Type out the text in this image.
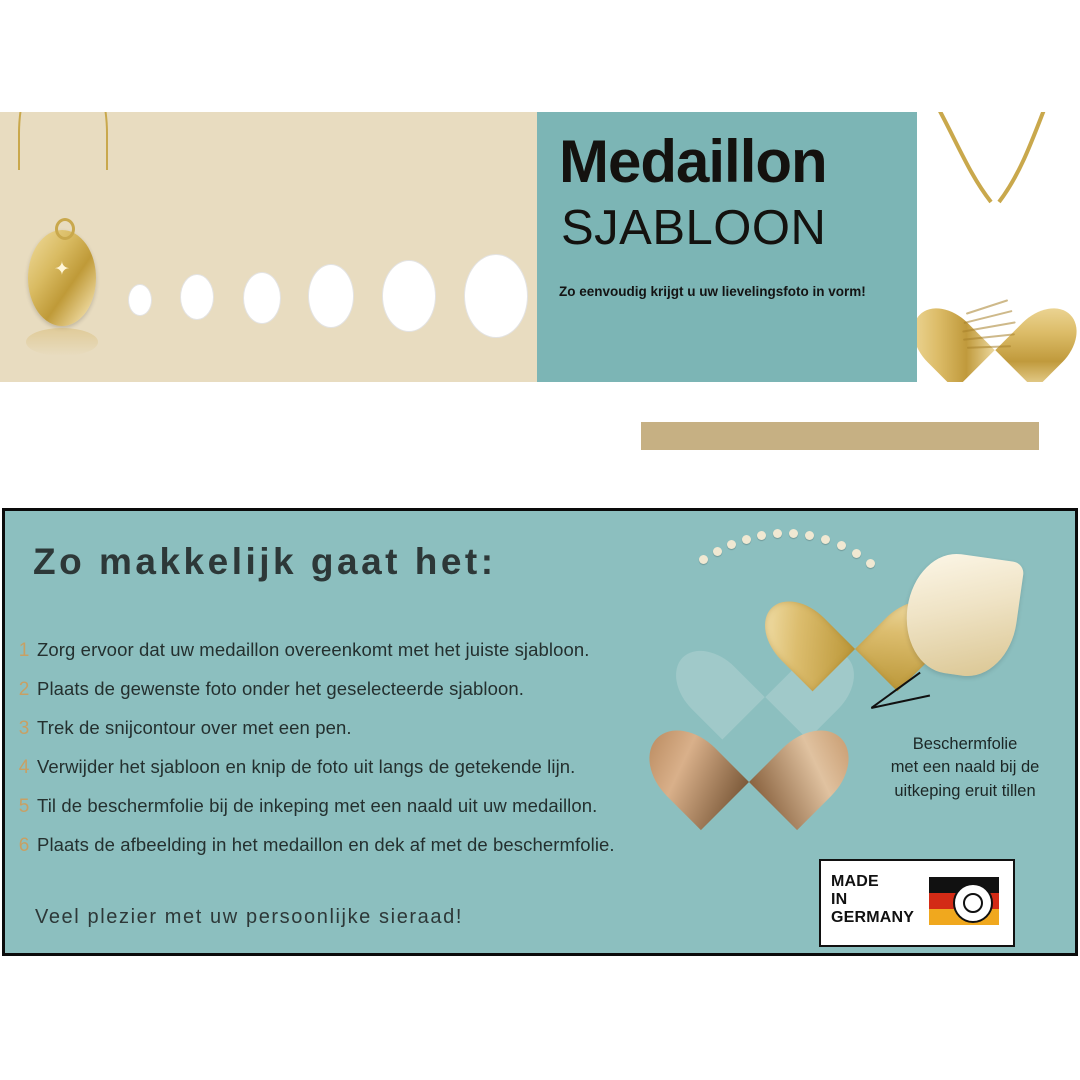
✦
Medaillon
SJABLOON
Zo eenvoudig krijgt u uw lievelingsfoto in vorm!
Zo makkelijk gaat het:
1 Zorg ervoor dat uw medaillon overeenkomt met het juiste sjabloon.
2 Plaats de gewenste foto onder het geselecteerde sjabloon.
3 Trek de snijcontour over met een pen.
4 Verwijder het sjabloon en knip de foto uit langs de getekende lijn.
5 Til de beschermfolie bij de inkeping met een naald uit uw medaillon.
6 Plaats de afbeelding in het medaillon en dek af met de beschermfolie.
Veel plezier met uw persoonlijke sieraad!
Beschermfolie
met een naald bij de
uitkeping eruit tillen
MADE
IN
GERMANY
